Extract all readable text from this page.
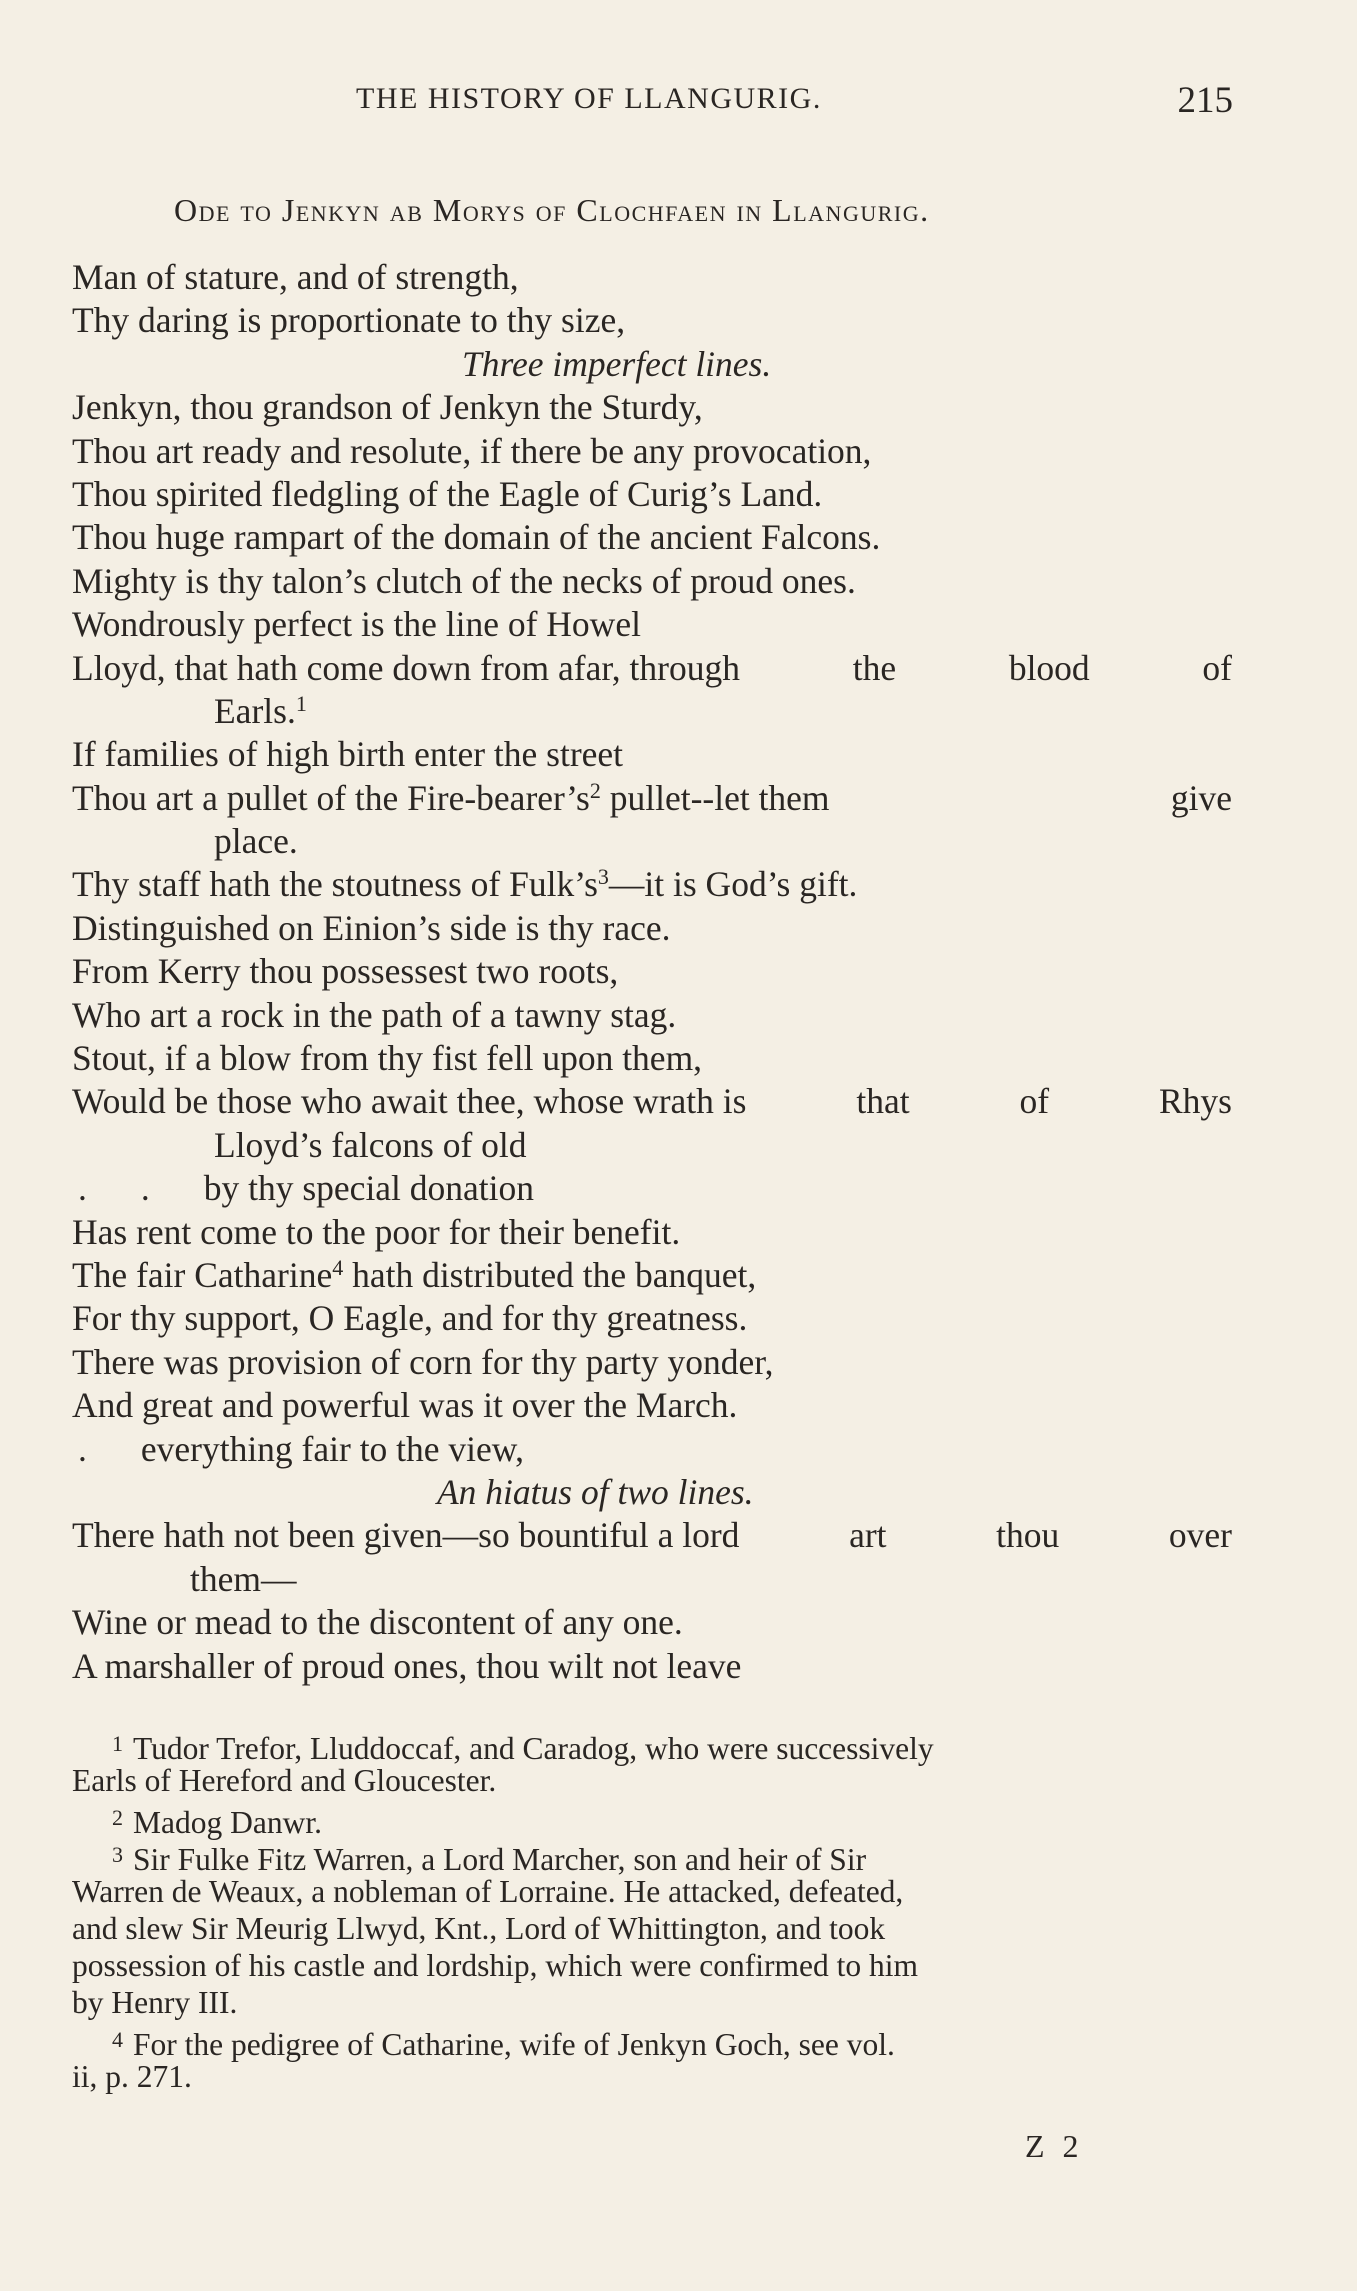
THE HISTORY OF LLANGURIG.	215
Ode to Jenkyn ab Morys of Clochfaen in Llangurig.
Man of stature, and of strength,
Thy daring is proportionate to thy size,
Three imperfect lines.
Jenkyn, thou grandson of Jenkyn the Sturdy,
Thou art ready and resolute, if there be any provocation,
Thou spirited fledgling of the Eagle of Curig’s Land.
Thou huge rampart of the domain of the ancient Falcons.
Mighty is thy talon’s clutch of the necks of proud ones.
Wondrously perfect is the line of Howel
Lloyd, that hath come down from afar, through	the	blood	of
Earls.$^1$
If families of high birth enter the street
Thou art a pullet of the Fire-$bearer’s^2$ pullet--let them	give
place.
Thy staff hath the stoutness of $Fulk’s^3—it$ is God’s gift.
Distinguished on Einion’s side is thy race.
From Kerry thou possessest two roots,
Who art a rock in the path of a tawny stag.
Stout, if a blow from thy fist fell upon them,
Would be those who await thee, whose wrath is	that	of	Rhys
Lloyd’s falcons of old
. . by thy special donation
Has rent come to the poor for their benefit.
The fair Catharine$^4$ hath distributed the banquet,
For thy support, O Eagle, and for thy greatness.
There was provision of corn for thy party yonder,
And great and powerful was it over the March.
. everything fair to the view,
An hiatus of two lines.
There hath not been given—so bountiful a lord	art	thou	over
them—
Wine or mead to the discontent of any one.
A marshaller of proud ones, thou wilt not leave
$^1$ Tudor Trefor, Lluddoccaf, and Caradog, who were successively
Earls of Hereford and Gloucester.
$^2$ Madog Danwr.
$^3$ Sir Fulke Fitz Warren, a Lord Marcher, son and heir of Sir
Warren de Weaux, a nobleman of Lorraine. He attacked, defeated,
and slew Sir Meurig Llwyd, Knt., Lord of Whittington, and took
possession of his castle and lordship, which were confirmed to him
by Henry III.
$^4$ For the pedigree of Catharine, wife of Jenkyn Goch, see vol.
ii, p. 271.
Z 2
